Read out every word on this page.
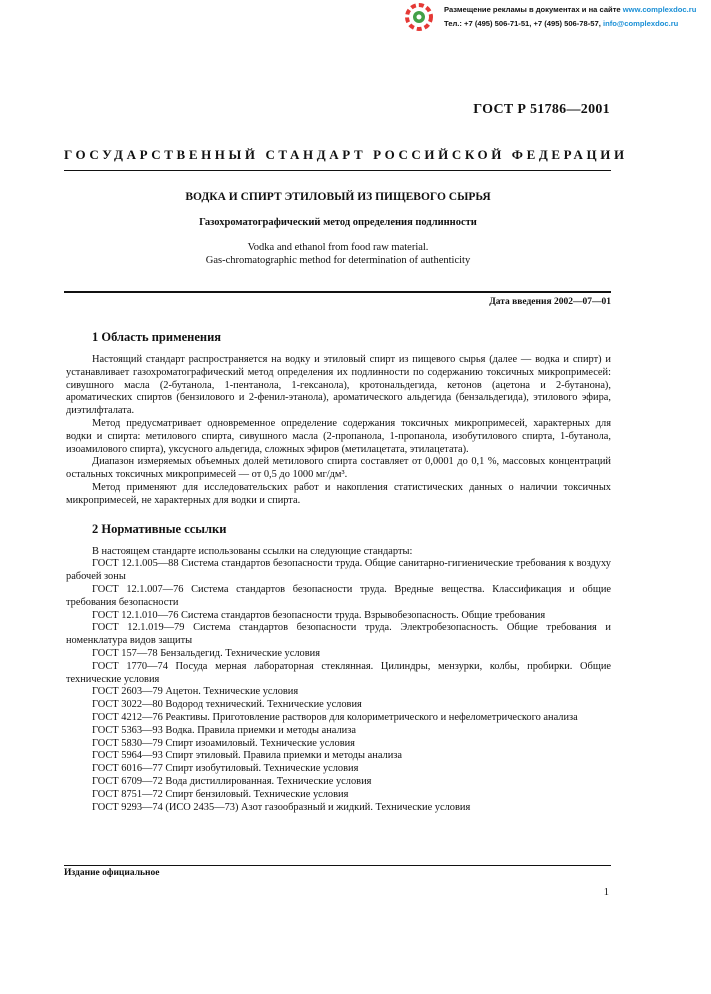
Размещение рекламы в документах и на сайте www.complexdoc.ru
Тел.: +7 (495) 506-71-51, +7 (495) 506-78-57, info@complexdoc.ru
ГОСТ Р 51786—2001
ГОСУДАРСТВЕННЫЙ СТАНДАРТ РОССИЙСКОЙ ФЕДЕРАЦИИ
ВОДКА И СПИРТ ЭТИЛОВЫЙ ИЗ ПИЩЕВОГО СЫРЬЯ
Газохроматографический метод определения подлинности
Vodka and ethanol from food raw material.
Gas-chromatographic method for determination of authenticity
Дата введения 2002—07—01
1 Область применения

Настоящий стандарт распространяется на водку и этиловый спирт из пищевого сырья (далее — водка и спирт) и устанавливает газохроматографический метод определения их подлинности по содержанию токсичных микропримесей: сивушного масла (2-бутанола, 1-пентанола, 1-гексанола), кротональдегида, кетонов (ацетона и 2-бутанона), ароматических спиртов (бензилового и 2-фенил-этанола), ароматического альдегида (бензальдегида), этилового эфира, диэтилфталата.

Метод предусматривает одновременное определение содержания токсичных микропримесей, характерных для водки и спирта: метилового спирта, сивушного масла (2-пропанола, 1-пропанола, изобутилового спирта, 1-бутанола, изоамилового спирта), уксусного альдегида, сложных эфиров (метилацетата, этилацетата).

Диапазон измеряемых объемных долей метилового спирта составляет от 0,0001 до 0,1 %, массовых концентраций остальных токсичных микропримесей — от 0,5 до 1000 мг/дм³.

Метод применяют для исследовательских работ и накопления статистических данных о наличии токсичных микропримесей, не характерных для водки и спирта.

2 Нормативные ссылки

В настоящем стандарте использованы ссылки на следующие стандарты:

ГОСТ 12.1.005—88 Система стандартов безопасности труда. Общие санитарно-гигиенические требования к воздуху рабочей зоны
ГОСТ 12.1.007—76 Система стандартов безопасности труда. Вредные вещества. Классификация и общие требования безопасности
ГОСТ 12.1.010—76 Система стандартов безопасности труда. Взрывобезопасность. Общие требования
ГОСТ 12.1.019—79 Система стандартов безопасности труда. Электробезопасность. Общие требования и номенклатура видов защиты
ГОСТ 157—78 Бензальдегид. Технические условия
ГОСТ 1770—74 Посуда мерная лабораторная стеклянная. Цилиндры, мензурки, колбы, пробирки. Общие технические условия
ГОСТ 2603—79 Ацетон. Технические условия
ГОСТ 3022—80 Водород технический. Технические условия
ГОСТ 4212—76 Реактивы. Приготовление растворов для колориметрического и нефелометрического анализа
ГОСТ 5363—93 Водка. Правила приемки и методы анализа
ГОСТ 5830—79 Спирт изоамиловый. Технические условия
ГОСТ 5964—93 Спирт этиловый. Правила приемки и методы анализа
ГОСТ 6016—77 Спирт изобутиловый. Технические условия
ГОСТ 6709—72 Вода дистиллированная. Технические условия
ГОСТ 8751—72 Спирт бензиловый. Технические условия
ГОСТ 9293—74 (ИСО 2435—73) Азот газообразный и жидкий. Технические условия
Издание официальное
1
